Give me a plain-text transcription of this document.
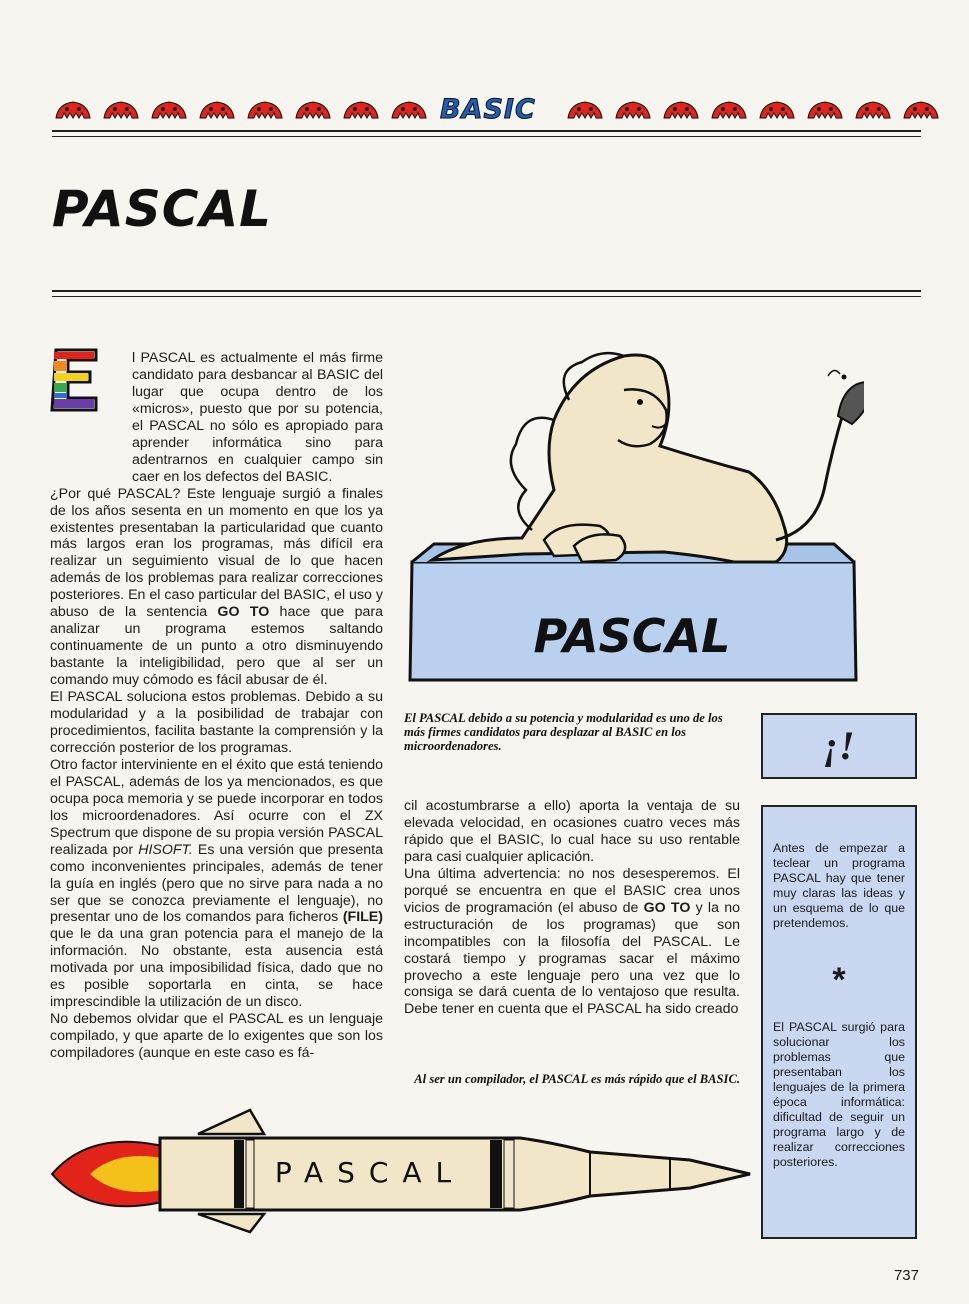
BASIC
PASCAL
E

l PASCAL es actualmente el más firme candidato para desbancar al BASIC del lugar que ocupa dentro de los «micros», puesto que por su potencia, el PASCAL no sólo es apropiado para aprender informática sino para adentrarnos en cualquier campo sin caer en los defectos del BASIC.

¿Por qué PASCAL? Este lenguaje surgió a finales de los años sesenta en un momento en que los ya existentes presentaban la particularidad que cuanto más largos eran los programas, más difícil era realizar un seguimiento visual de lo que hacen además de los problemas para realizar correcciones posteriores. En el caso particular del BASIC, el uso y abuso de la sentencia GO TO hace que para analizar un programa estemos saltando continuamente de un punto a otro disminuyendo bastante la inteligibilidad, pero que al ser un comando muy cómodo es fácil abusar de él.

El PASCAL soluciona estos problemas. Debido a su modularidad y a la posibilidad de trabajar con procedimientos, facilita bastante la comprensión y la corrección posterior de los programas.

Otro factor interviniente en el éxito que está teniendo el PASCAL, además de los ya mencionados, es que ocupa poca memoria y se puede incorporar en todos los microordenadores. Así ocurre con el ZX Spectrum que dispone de su propia versión PASCAL realizada por HISOFT. Es una versión que presenta como inconvenientes principales, además de tener la guía en inglés (pero que no sirve para nada a no ser que se conozca previamente el lenguaje), no presentar uno de los comandos para ficheros (FILE) que le da una gran potencia para el manejo de la información. No obstante, esta ausencia está motivada por una imposibilidad física, dado que no es posible soportarla en cinta, se hace imprescindible la utilización de un disco.

No debemos olvidar que el PASCAL es un lenguaje compilado, y que aparte de lo exigentes que son los compiladores (aunque en este caso es fá-

PASCAL
El PASCAL debido a su potencia y modularidad es uno de los más firmes candidatos para desplazar al BASIC en los microordenadores.

cil acostumbrarse a ello) aporta la ventaja de su elevada velocidad, en ocasiones cuatro veces más rápido que el BASIC, lo cual hace su uso rentable para casi cualquier aplicación.

Una última advertencia: no nos desesperemos. El porqué se encuentra en que el BASIC crea unos vicios de programación (el abuso de GO TO y la no estructuración de los programas) que son incompatibles con la filosofía del PASCAL. Le costará tiempo y programas sacar el máximo provecho a este lenguaje pero una vez que lo consiga se dará cuenta de lo ventajoso que resulta. Debe tener en cuenta que el PASCAL ha sido creado

Al ser un compilador, el PASCAL es más rápido que el BASIC.
¡!
Antes de empezar a teclear un programa PASCAL hay que tener muy claras las ideas y un esquema de lo que pretendemos.
*
El PASCAL surgió para solucionar los problemas que presentaban los lenguajes de la primera época informática: dificultad de seguir un programa largo y de realizar correcciones posteriores.
PASCAL
737
